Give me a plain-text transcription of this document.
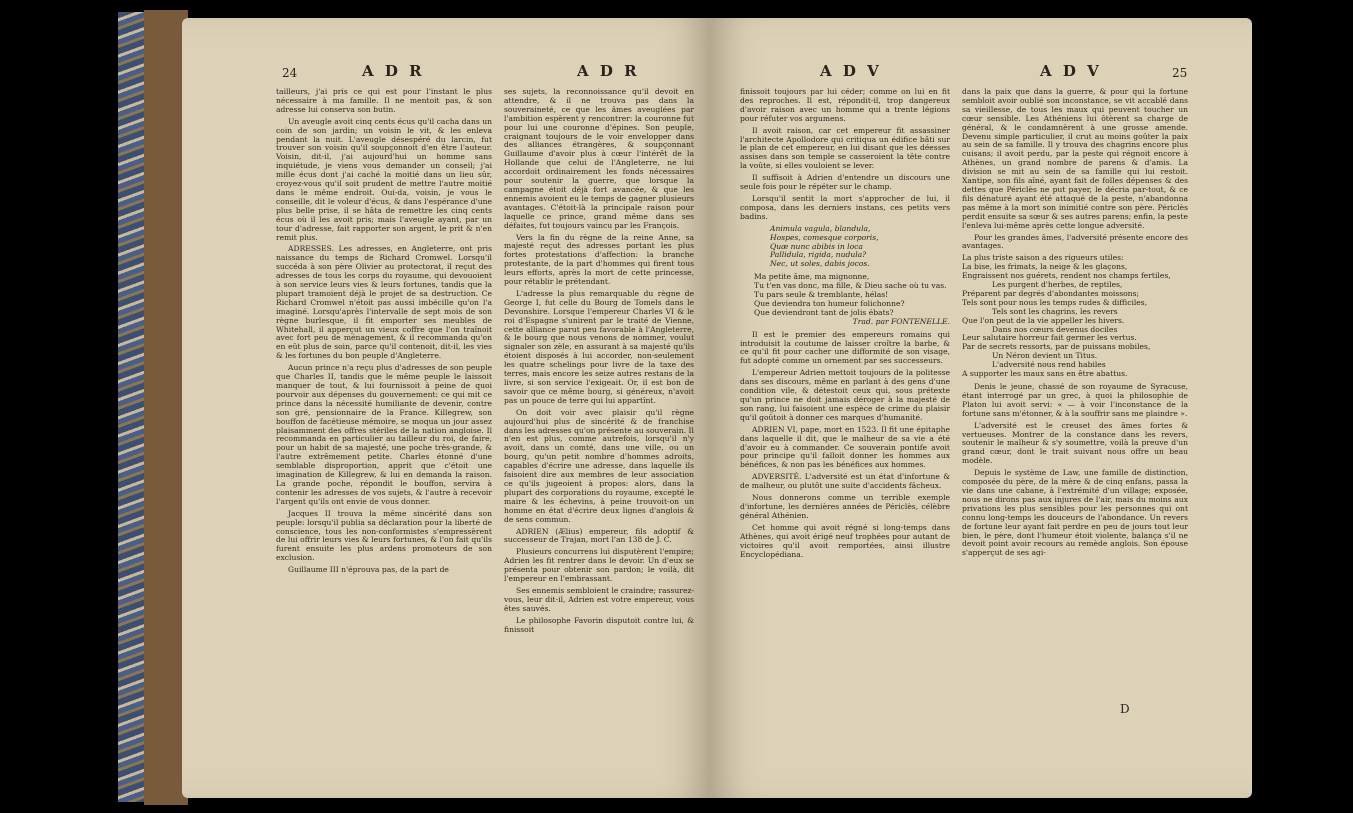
24	A D R	A D R

tailleurs, j'ai pris ce qui est pour l'instant le plus nécessaire à ma famille. Il ne mentoit pas, & son adresse lui conserva son butin.

Un aveugle avoit cinq cents écus qu'il cacha dans un coin de son jardin; un voisin le vit, & les enleva pendant la nuit. L'aveugle désespéré du larcin, fut trouver son voisin qu'il soupçonnoit d'en être l'auteur. Voisin, dit-il, j'ai aujourd'hui un homme sans inquiétude, je viens vous demander un conseil; j'ai mille écus dont j'ai caché la moitié dans un lieu sûr, croyez-vous qu'il soit prudent de mettre l'autre moitié dans le même endroit. Oui-da, voisin, je vous le conseille, dit le voleur d'écus, & dans l'espérance d'une plus belle prise, il se hâta de remettre les cinq cents écus où il les avoit pris; mais l'aveugle ayant, par un tour d'adresse, fait rapporter son argent, le prit & n'en remit plus.

ADRESSES. Les adresses, en Angleterre, ont pris naissance du temps de Richard Cromwel. Lorsqu'il succéda à son père Olivier au protectorat, il reçut des adresses de tous les corps du royaume, qui devouoient à son service leurs vies & leurs fortunes, tandis que la plupart tramoient déjà le projet de sa destruction. Ce Richard Cromwel n'étoit pas aussi imbécille qu'on l'a imaginé. Lorsqu'après l'intervalle de sept mois de son règne burlesque, il fit emporter ses meubles de Whitehall, il apperçut un vieux coffre que l'on traînoit avec fort peu de ménagement, & il recommanda qu'on en eût plus de soin, parce qu'il contenoit, dit-il, les vies & les fortunes du bon peuple d'Angleterre.

Aucun prince n'a reçu plus d'adresses de son peuple que Charles II, tandis que le même peuple le laissoit manquer de tout, & lui fournissoit à peine de quoi pourvoir aux dépenses du gouvernement: ce qui mit ce prince dans la nécessité humiliante de devenir, contre son gré, pensionnaire de la France. Killegrew, son bouffon de facétieuse mémoire, se moqua un jour assez plaisamment des offres stériles de la nation angloise. Il recommanda en particulier au tailleur du roi, de faire, pour un habit de sa majesté, une poche très-grande, & l'autre extrêmement petite. Charles étonné d'une semblable disproportion, apprit que c'étoit une imagination de Killegrew, & lui en demanda la raison. La grande poche, répondit le bouffon, servira à contenir les adresses de vos sujets, & l'autre à recevoir l'argent qu'ils ont envie de vous donner.

Jacques II trouva la même sincérité dans son peuple: lorsqu'il publia sa déclaration pour la liberté de conscience, tous les non-conformistes s'empressèrent de lui offrir leurs vies & leurs fortunes, & l'on fait qu'ils furent ensuite les plus ardens promoteurs de son exclusion.

Guillaume III n'éprouva pas, de la part de

ses sujets, la reconnoissance qu'il devoit en attendre, & il ne trouva pas dans la souveraineté, ce que les âmes aveuglées par l'ambition espèrent y rencontrer: la couronne fut pour lui une couronne d'épines. Son peuple, craignant toujours de le voir envelopper dans des alliances étrangères, & soupçonnant Guillaume d'avoir plus à cœur l'intérêt de la Hollande que celui de l'Angleterre, ne lui accordoit ordinairement les fonds nécessaires pour soutenir la guerre, que lorsque la campagne étoit déjà fort avancée, & que les ennemis avoient eu le temps de gagner plusieurs avantages. C'étoit-là la principale raison pour laquelle ce prince, grand même dans ses défaites, fut toujours vaincu par les François.

Vers la fin du règne de la reine Anne, sa majesté reçut des adresses portant les plus fortes protestations d'affection: la branche protestante, de la part d'hommes qui firent tous leurs efforts, après la mort de cette princesse, pour rétablir le prétendant.

L'adresse la plus remarquable du règne de George I, fut celle du Bourg de Tomels dans le Devonshire. Lorsque l'empereur Charles VI & le roi d'Espagne s'unirent par le traité de Vienne, cette alliance parut peu favorable à l'Angleterre, & le bourg que nous venons de nommer, voulut signaler son zèle, en assurant à sa majesté qu'ils étoient disposés à lui accorder, non-seulement les quatre schelings pour livre de la taxe des terres, mais encore les seize autres restans de la livre, si son service l'exigeait. Or, il est bon de savoir que ce même bourg, si généreux, n'avoit pas un pouce de terre qui lui appartînt.

On doit voir avec plaisir qu'il règne aujourd'hui plus de sincérité & de franchise dans les adresses qu'on présente au souverain. Il n'en est plus, comme autrefois, lorsqu'il n'y avoit, dans un comté, dans une ville, ou un bourg, qu'un petit nombre d'hommes adroits, capables d'écrire une adresse, dans laquelle ils faisoient dire aux membres de leur association ce qu'ils jugeoient à propos: alors, dans la plupart des corporations du royaume, excepté le maire & les échevins, à peine trouvoit-on un homme en état d'écrire deux lignes d'anglois & de sens commun.

ADRIEN (Ælius) empereur, fils adoptif & successeur de Trajan, mort l'an 138 de J. C.

Plusieurs concurrens lui disputèrent l'empire; Adrien les fit rentrer dans le devoir. Un d'eux se présenta pour obtenir son pardon; le voilà, dit l'empereur en l'embrassant.

Ses ennemis sembloient le craindre; rassurez-vous, leur dit-il, Adrien est votre empereur, vous êtes sauvés.

Le philosophe Favorin disputoit contre lui, & finissoit

A D V	A D V	25

finissoit toujours par lui céder; comme on lui en fit des reproches. Il est, répondit-il, trop dangereux d'avoir raison avec un homme qui a trente légions pour réfuter vos argumens.

Il avoit raison, car cet empereur fit assassiner l'architecte Apollodore qui critiqua un édifice bâti sur le plan de cet empereur, en lui disant que les déesses assises dans son temple se casseroient la tête contre la voûte, si elles vouloient se lever.

Il suffisoit à Adrien d'entendre un discours une seule fois pour le répéter sur le champ.

Lorsqu'il sentit la mort s'approcher de lui, il composa, dans les derniers instans, ces petits vers badins.

Animula vagula, blandula,
Hospes, comesque corporis,
Quæ nunc abibis in loca
Pallidula, rigida, nudula?
Nec, ut soles, dabis jocos.
Ma petite âme, ma mignonne,
Tu t'en vas donc, ma fille, & Dieu sache où tu vas.
Tu pars seule & tremblante, hélas!
Que deviendra ton humeur folichonne?
Que deviendront tant de jolis ébats?
Trad. par FONTENELLE.

Il est le premier des empereurs romains qui introduisit la coutume de laisser croître la barbe, & ce qu'il fit pour cacher une difformité de son visage, fut adopté comme un ornement par ses successeurs.

L'empereur Adrien mettoit toujours de la politesse dans ses discours, même en parlant à des gens d'une condition vile, & détestoit ceux qui, sous prétexte qu'un prince ne doit jamais déroger à la majesté de son rang, lui faisoient une espèce de crime du plaisir qu'il goûtoit à donner ces marques d'humanité.

ADRIEN VI, pape, mort en 1523. Il fit une épitaphe dans laquelle il dit, que le malheur de sa vie a été d'avoir eu à commander. Ce souverain pontife avoit pour principe qu'il falloit donner les hommes aux bénéfices, & non pas les bénéfices aux hommes.

ADVERSITÉ. L'adversité est un état d'infortune & de malheur, ou plutôt une suite d'accidents fâcheux.

Nous donnerons comme un terrible exemple d'infortune, les dernières années de Périclès, célèbre général Athénien.

Cet homme qui avoit régné si long-temps dans Athènes, qui avoit érigé neuf trophées pour autant de victoires qu'il avoit remportées, ainsi illustre Encyclopédiana.

dans la paix que dans la guerre, & pour qui la fortune sembloit avoir oublié son inconstance, se vit accablé dans sa vieillesse, de tous les maux qui peuvent toucher un cœur sensible. Les Athéniens lui ôtèrent sa charge de général, & le condamnèrent à une grosse amende. Devenu simple particulier, il crut au moins goûter la paix au sein de sa famille. Il y trouva des chagrins encore plus cuisans; il avoit perdu, par la peste qui régnoit encore à Athènes, un grand nombre de parens & d'amis. La division se mit au sein de sa famille qui lui restoit. Xantipe, son fils aîné, ayant fait de folles dépenses & des dettes que Périclès ne put payer, le décria par-tout, & ce fils dénaturé ayant été attaqué de la peste, n'abandonna pas même à la mort son inimitié contre son père. Périclès perdit ensuite sa sœur & ses autres parens; enfin, la peste l'enleva lui-même après cette longue adversité.

Pour les grandes âmes, l'adversité présente encore des avantages.

La plus triste saison a des rigueurs utiles:
La bise, les frimats, la neige & les glaçons,
Engraissent nos guérets, rendent nos champs fertiles,
Les purgent d'herbes, de reptiles,
Préparent par degrés d'abondantes moissons;
Tels sont pour nous les temps rudes & difficiles,
Tels sont les chagrins, les revers
Que l'on peut de la vie appeller les hivers.
Dans nos cœurs devenus dociles
Leur salutaire horreur fait germer les vertus.
Par de secrets ressorts, par de puissans mobiles,
Un Néron devient un Titus.
L'adversité nous rend habiles
A supporter les maux sans en être abattus.

Denis le jeune, chassé de son royaume de Syracuse, étant interrogé par un grec, à quoi la philosophie de Platon lui avoit servi: « — à voir l'inconstance de la fortune sans m'étonner, & à la souffrir sans me plaindre ».

L'adversité est le creuset des âmes fortes & vertueuses. Montrer de la constance dans les revers, soutenir le malheur & s'y soumettre, voilà la preuve d'un grand cœur, dont le trait suivant nous offre un beau modèle.

Depuis le système de Law, une famille de distinction, composée du père, de la mère & de cinq enfans, passa la vie dans une cabane, à l'extrémité d'un village; exposée, nous ne dirons pas aux injures de l'air, mais du moins aux privations les plus sensibles pour les personnes qui ont connu long-temps les douceurs de l'abondance. Un revers de fortune leur ayant fait perdre en peu de jours tout leur bien, le père, dont l'humeur étoit violente, balança s'il ne devoit point avoir recours au remède anglois. Son épouse s'apperçut de ses agi-

D
